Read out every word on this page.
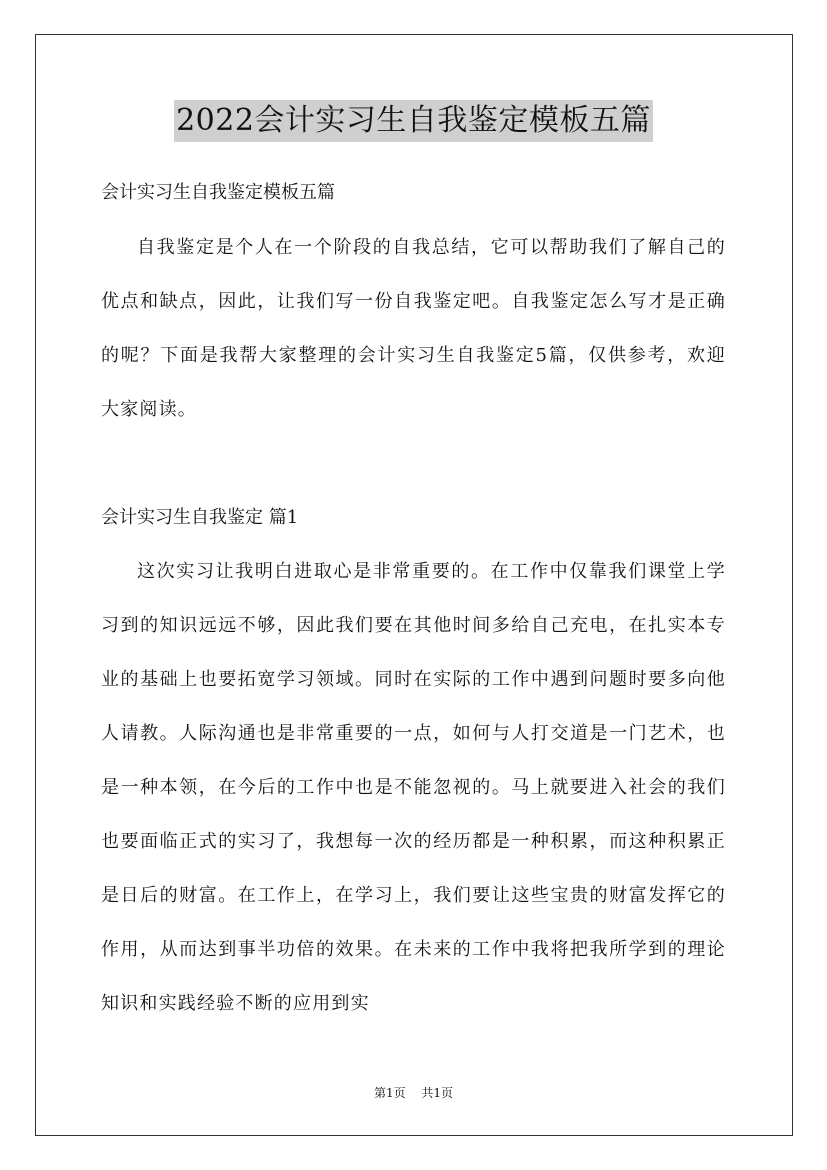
2022会计实习生自我鉴定模板五篇
会计实习生自我鉴定模板五篇

自我鉴定是个人在一个阶段的自我总结，它可以帮助我们了解自己的优点和缺点，因此，让我们写一份自我鉴定吧。自我鉴定怎么写才是正确的呢？下面是我帮大家整理的会计实习生自我鉴定5篇，仅供参考，欢迎大家阅读。

会计实习生自我鉴定 篇1

这次实习让我明白进取心是非常重要的。在工作中仅靠我们课堂上学习到的知识远远不够，因此我们要在其他时间多给自己充电，在扎实本专业的基础上也要拓宽学习领域。同时在实际的工作中遇到问题时要多向他人请教。人际沟通也是非常重要的一点，如何与人打交道是一门艺术，也是一种本领，在今后的工作中也是不能忽视的。马上就要进入社会的我们也要面临正式的实习了，我想每一次的经历都是一种积累，而这种积累正是日后的财富。在工作上，在学习上，我们要让这些宝贵的财富发挥它的作用，从而达到事半功倍的效果。在未来的工作中我将把我所学到的理论知识和实践经验不断的应用到实

第1页 共1页
